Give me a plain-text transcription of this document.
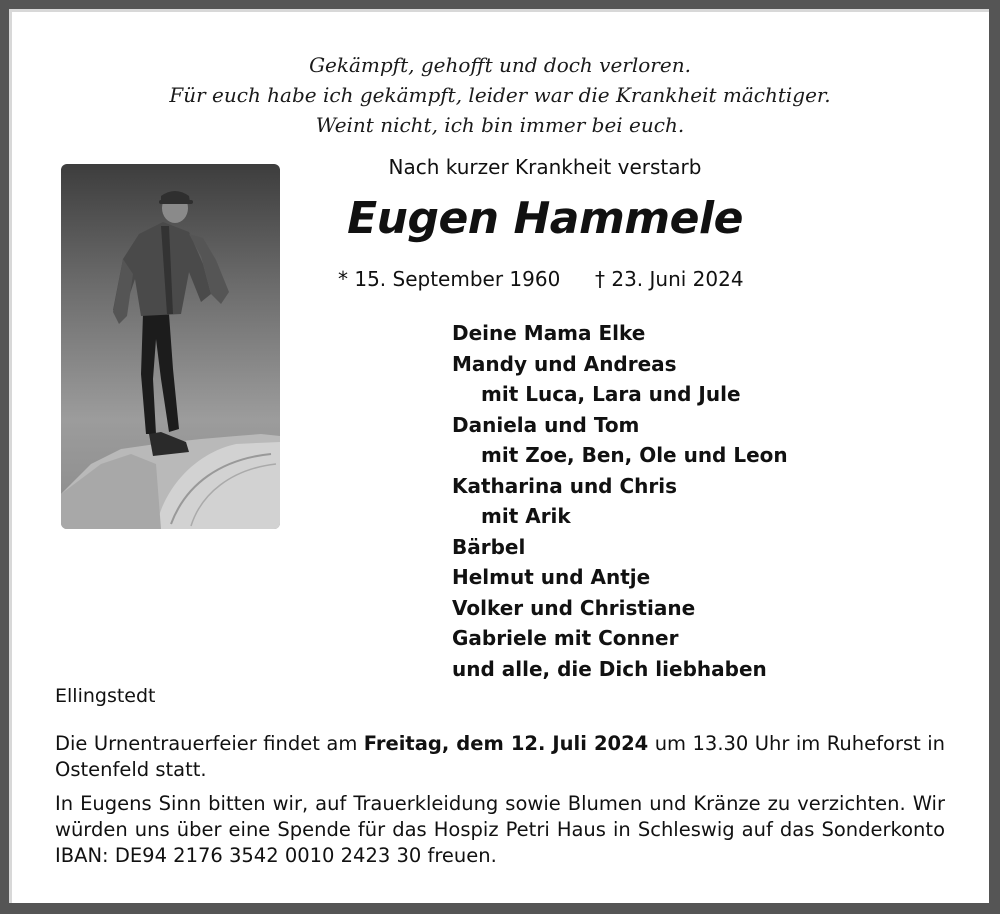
Gekämpft, gehofft und doch verloren.
Für euch habe ich gekämpft, leider war die Krankheit mächtiger.
Weint nicht, ich bin immer bei euch.
Nach kurzer Krankheit verstarb
Eugen Hammele
* 15. September 1960 † 23. Juni 2024
Deine Mama Elke
Mandy und Andreas
mit Luca, Lara und Jule
Daniela und Tom
mit Zoe, Ben, Ole und Leon
Katharina und Chris
mit Arik
Bärbel
Helmut und Antje
Volker und Christiane
Gabriele mit Conner
und alle, die Dich liebhaben
Ellingstedt
Die Urnentrauerfeier findet am Freitag, dem 12. Juli 2024 um 13.30 Uhr im Ruheforst in Ostenfeld statt.
In Eugens Sinn bitten wir, auf Trauerkleidung sowie Blumen und Kränze zu verzichten. Wir würden uns über eine Spende für das Hospiz Petri Haus in Schleswig auf das Sonderkonto IBAN: DE94 2176 3542 0010 2423 30 freuen.
